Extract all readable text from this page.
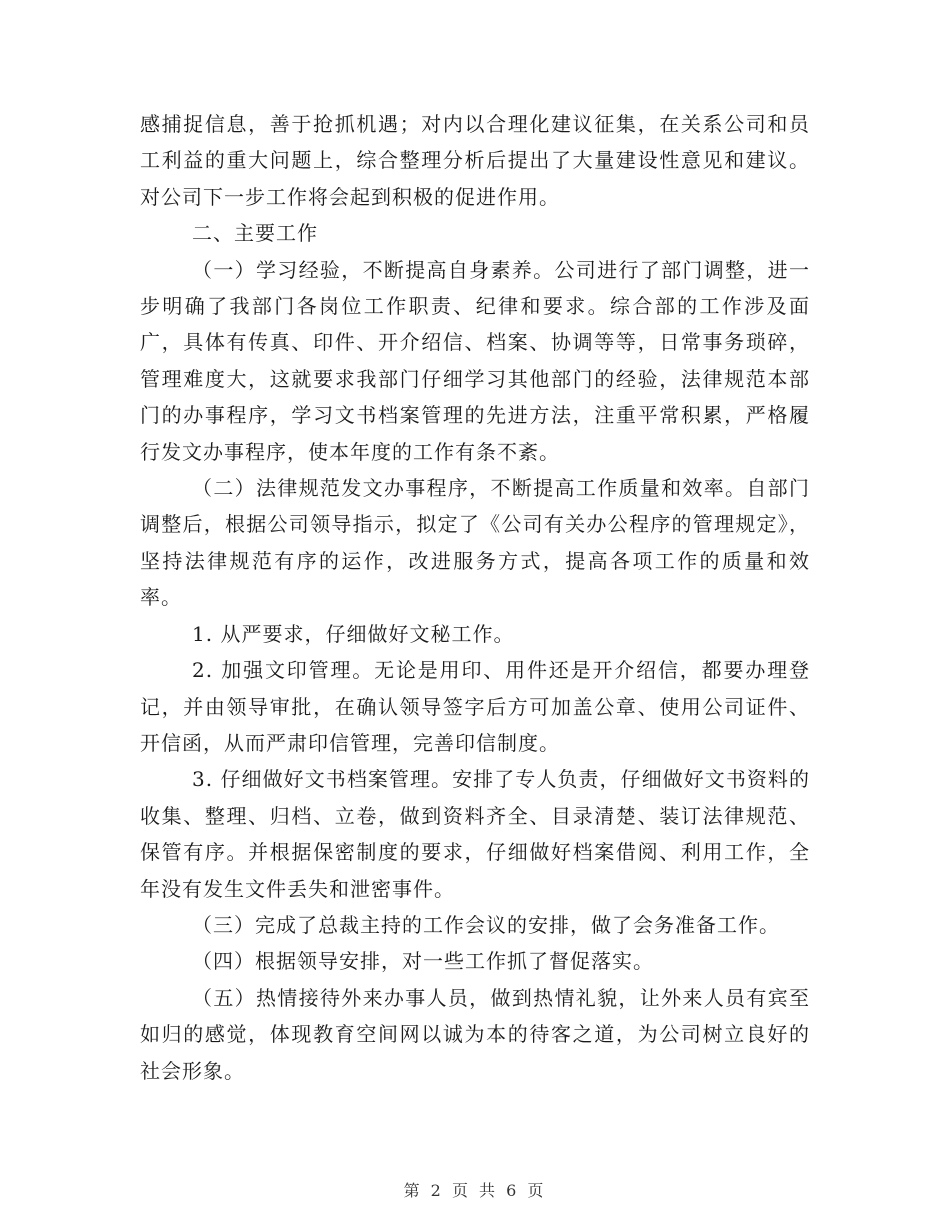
感捕捉信息，善于抢抓机遇；对内以合理化建议征集，在关系公司和员工利益的重大问题上，综合整理分析后提出了大量建设性意见和建议。对公司下一步工作将会起到积极的促进作用。

二、主要工作

（一）学习经验，不断提高自身素养。公司进行了部门调整，进一步明确了我部门各岗位工作职责、纪律和要求。综合部的工作涉及面广，具体有传真、印件、开介绍信、档案、协调等等，日常事务琐碎，管理难度大，这就要求我部门仔细学习其他部门的经验，法律规范本部门的办事程序，学习文书档案管理的先进方法，注重平常积累，严格履行发文办事程序，使本年度的工作有条不紊。

（二）法律规范发文办事程序，不断提高工作质量和效率。自部门调整后，根据公司领导指示，拟定了《公司有关办公程序的管理规定》，坚持法律规范有序的运作，改进服务方式，提高各项工作的质量和效率。

1. 从严要求，仔细做好文秘工作。

2. 加强文印管理。无论是用印、用件还是开介绍信，都要办理登记，并由领导审批，在确认领导签字后方可加盖公章、使用公司证件、开信函，从而严肃印信管理，完善印信制度。

3. 仔细做好文书档案管理。安排了专人负责，仔细做好文书资料的收集、整理、归档、立卷，做到资料齐全、目录清楚、装订法律规范、保管有序。并根据保密制度的要求，仔细做好档案借阅、利用工作，全年没有发生文件丢失和泄密事件。

（三）完成了总裁主持的工作会议的安排，做了会务准备工作。

（四）根据领导安排，对一些工作抓了督促落实。

（五）热情接待外来办事人员，做到热情礼貌，让外来人员有宾至如归的感觉，体现教育空间网以诚为本的待客之道，为公司树立良好的社会形象。

第 2 页 共 6 页
